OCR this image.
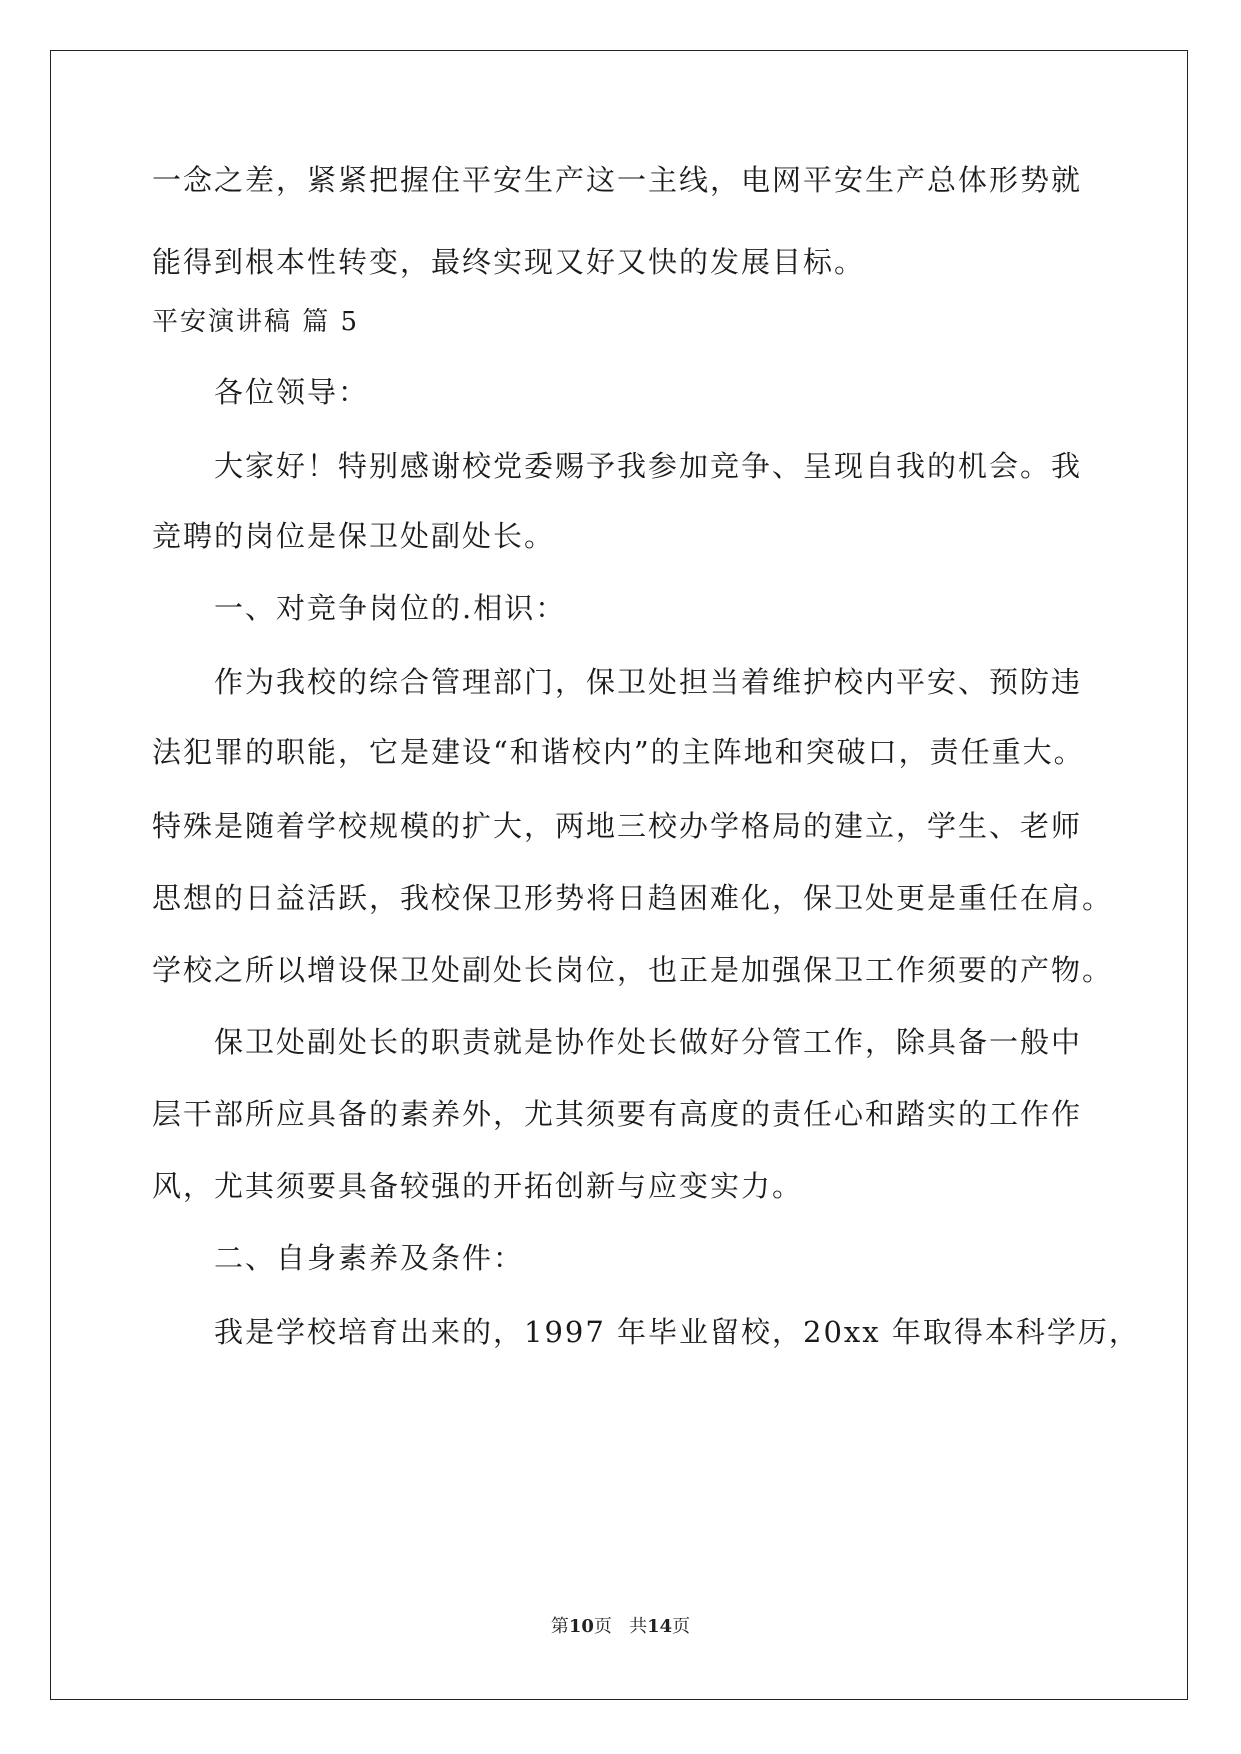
一念之差，紧紧把握住平安生产这一主线，电网平安生产总体形势就
能得到根本性转变，最终实现又好又快的发展目标。
平安演讲稿 篇 5
各位领导：
大家好！特别感谢校党委赐予我参加竞争、呈现自我的机会。我
竞聘的岗位是保卫处副处长。
一、对竞争岗位的.相识：
作为我校的综合管理部门，保卫处担当着维护校内平安、预防违
法犯罪的职能，它是建设“和谐校内”的主阵地和突破口，责任重大。
特殊是随着学校规模的扩大，两地三校办学格局的建立，学生、老师
思想的日益活跃，我校保卫形势将日趋困难化，保卫处更是重任在肩。
学校之所以增设保卫处副处长岗位，也正是加强保卫工作须要的产物。
保卫处副处长的职责就是协作处长做好分管工作，除具备一般中
层干部所应具备的素养外，尤其须要有高度的责任心和踏实的工作作
风，尤其须要具备较强的开拓创新与应变实力。
二、自身素养及条件：
我是学校培育出来的，1997 年毕业留校，20xx 年取得本科学历，
第10页   共14页
